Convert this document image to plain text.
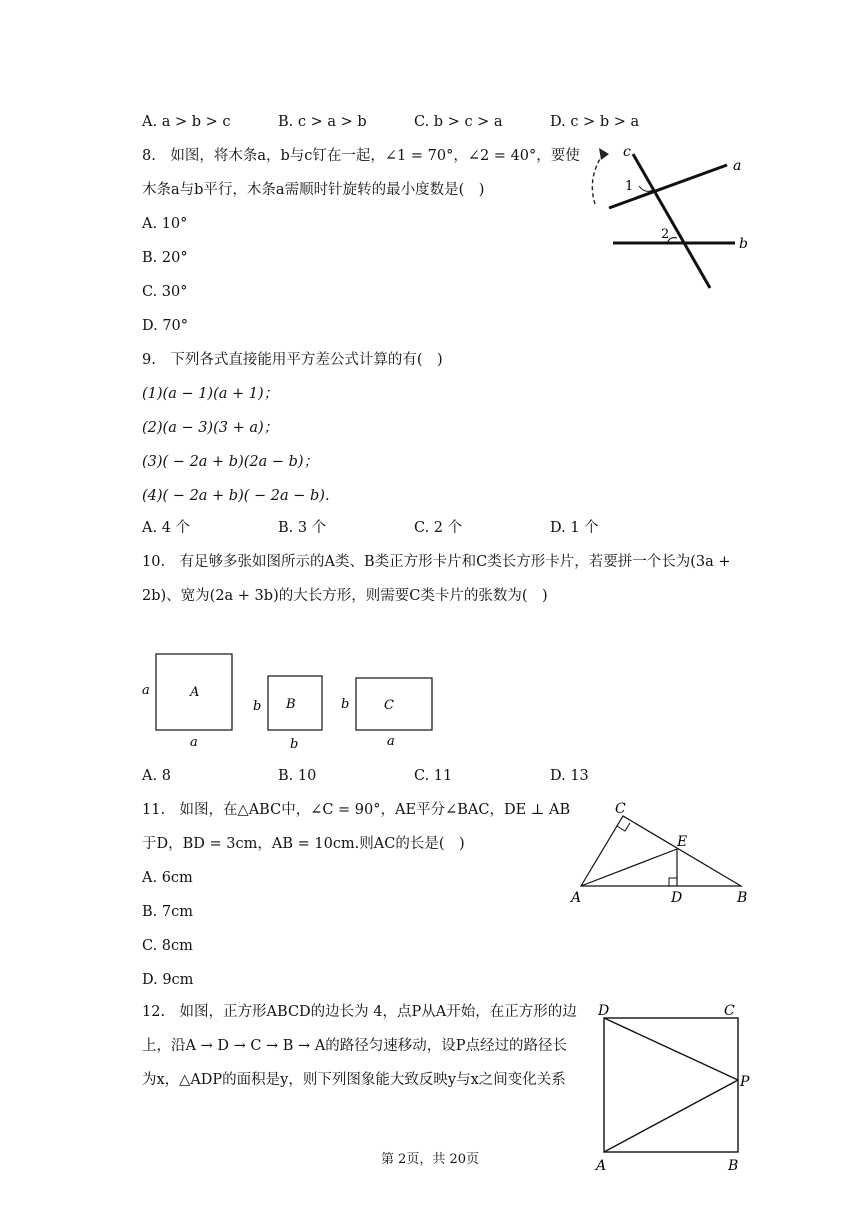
A. a > b > c	B. c > a > b	C. b > c > a	D. c > b > a
8.　如图，将木条a，b与c钉在一起，∠1 = 70°，∠2 = 40°，要使
木条a与b平行，木条a需顺时针旋转的最小度数是(　)
A. 10°
B. 20°
C. 30°
D. 70°
c
a
b
1
2
9.　下列各式直接能用平方差公式计算的有(　)
(1)(a − 1)(a + 1)；
(2)(a − 3)(3 + a)；
(3)( − 2a + b)(2a − b)；
(4)( − 2a + b)( − 2a − b).
A. 4 个	B. 3 个	C. 2 个	D. 1 个
10.　有足够多张如图所示的A类、B类正方形卡片和C类长方形卡片，若要拼一个长为(3a +
2b)、宽为(2a + 3b)的大长方形，则需要C类卡片的张数为(　)
A
a
a
B
b
b
C
b
a
A. 8	B. 10	C. 11	D. 13
11.　如图，在△ABC中，∠C = 90°，AE平分∠BAC，DE ⊥ AB
于D，BD = 3cm，AB = 10cm.则AC的长是(　)
A. 6cm
B. 7cm
C. 8cm
D. 9cm
C
E
A	D	B
12.　如图，正方形ABCD的边长为 4，点P从A开始，在正方形的边
上，沿A → D → C → B → A的路径匀速移动，设P点经过的路径长
为x，△ADP的面积是y，则下列图象能大致反映y与x之间变化关系
D	C
P
A	B
第 2页，共 20页
